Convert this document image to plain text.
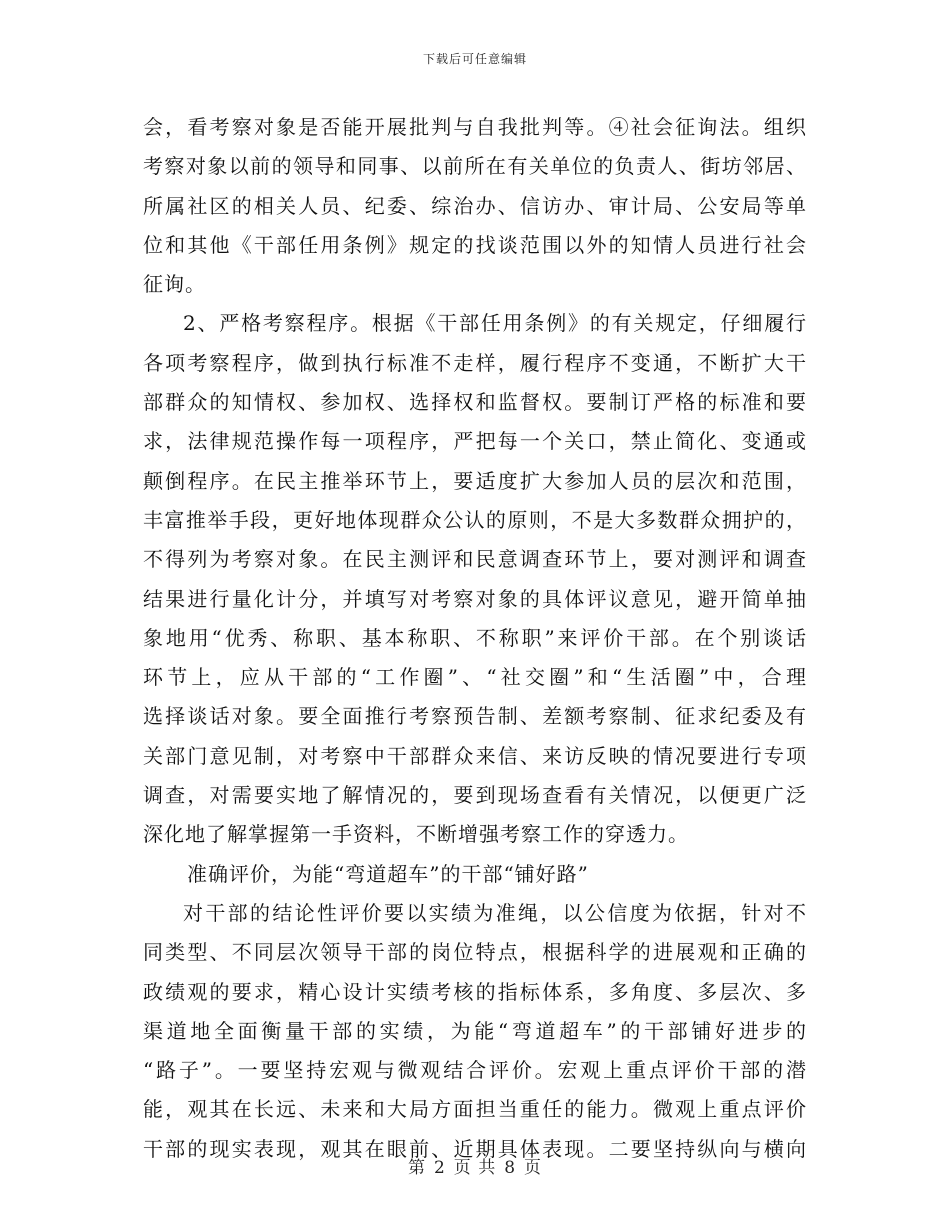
下载后可任意编辑
会，看考察对象是否能开展批判与自我批判等。④社会征询法。组织
考察对象以前的领导和同事、以前所在有关单位的负责人、街坊邻居、
所属社区的相关人员、纪委、综治办、信访办、审计局、公安局等单
位和其他《干部任用条例》规定的找谈范围以外的知情人员进行社会
征询。
2、严格考察程序。根据《干部任用条例》的有关规定，仔细履行
各项考察程序，做到执行标准不走样，履行程序不变通，不断扩大干
部群众的知情权、参加权、选择权和监督权。要制订严格的标准和要
求，法律规范操作每一项程序，严把每一个关口，禁止简化、变通或
颠倒程序。在民主推举环节上，要适度扩大参加人员的层次和范围，
丰富推举手段，更好地体现群众公认的原则，不是大多数群众拥护的，
不得列为考察对象。在民主测评和民意调查环节上，要对测评和调查
结果进行量化计分，并填写对考察对象的具体评议意见，避开简单抽
象地用“优秀、称职、基本称职、不称职”来评价干部。在个别谈话
环节上，应从干部的“工作圈”、“社交圈”和“生活圈”中，合理
选择谈话对象。要全面推行考察预告制、差额考察制、征求纪委及有
关部门意见制，对考察中干部群众来信、来访反映的情况要进行专项
调查，对需要实地了解情况的，要到现场查看有关情况，以便更广泛
深化地了解掌握第一手资料，不断增强考察工作的穿透力。
准确评价，为能“弯道超车”的干部“铺好路”
对干部的结论性评价要以实绩为准绳，以公信度为依据，针对不
同类型、不同层次领导干部的岗位特点，根据科学的进展观和正确的
政绩观的要求，精心设计实绩考核的指标体系，多角度、多层次、多
渠道地全面衡量干部的实绩，为能“弯道超车”的干部铺好进步的
“路子”。一要坚持宏观与微观结合评价。宏观上重点评价干部的潜
能，观其在长远、未来和大局方面担当重任的能力。微观上重点评价
干部的现实表现，观其在眼前、近期具体表现。二要坚持纵向与横向
第 2 页 共 8 页
